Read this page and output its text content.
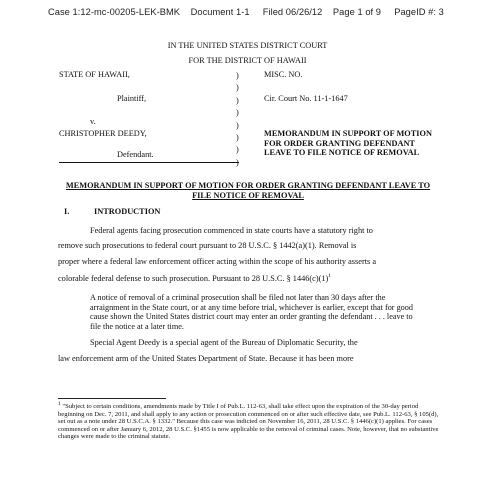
Case 1:12-mc-00205-LEK-BMK Document 1-1 Filed 06/26/12 Page 1 of 9 PageID #: 3
IN THE UNITED STATES DISTRICT COURT
FOR THE DISTRICT OF HAWAII
STATE OF HAWAII,
Plaintiff,
v.
CHRISTOPHER DEEDY,
Defendant.
)
)
)
)
)
)
)
)
MISC. NO.
Cir. Court No. 11-1-1647
MEMORANDUM IN SUPPORT OF MOTION FOR ORDER GRANTING DEFENDANT LEAVE TO FILE NOTICE OF REMOVAL
MEMORANDUM IN SUPPORT OF MOTION FOR ORDER GRANTING DEFENDANT LEAVE TO FILE NOTICE OF REMOVAL
I.	INTRODUCTION
Federal agents facing prosecution commenced in state courts have a statutory right to
remove such prosecutions to federal court pursuant to 28 U.S.C. § 1442(a)(1). Removal is
proper where a federal law enforcement officer acting within the scope of his authority asserts a
colorable federal defense to such prosecution. Pursuant to 28 U.S.C. § $1446(c)(1)^1$
A notice of removal of a criminal prosecution shall be filed not later than 30 days after the arraignment in the State court, or at any time before trial, whichever is earlier, except that for good cause shown the United States district court may enter an order granting the defendant . . . leave to file the notice at a later time.
Special Agent Deedy is a special agent of the Bureau of Diplomatic Security, the
law enforcement arm of the United States Department of State. Because it has been more
$^1$ "Subject to certain conditions, amendments made by Title I of Pub.L. 112-63, shall take effect upon the expiration of the 30-day period beginning on Dec. 7, 2011, and shall apply to any action or prosecution commenced on or after such effective date, see Pub.L. 112-63, § 105(d), set out as a note under 28 U.S.C.A. § 1332." Because this case was indicted on November 16, 2011, 28 U.S.C. § 1446(c)(1) applies. For cases commenced on or after January 6, 2012, 28 U.S.C. §1455 is now applicable to the removal of criminal cases. Note, however, that no substantive changes were made to the criminal statute.
